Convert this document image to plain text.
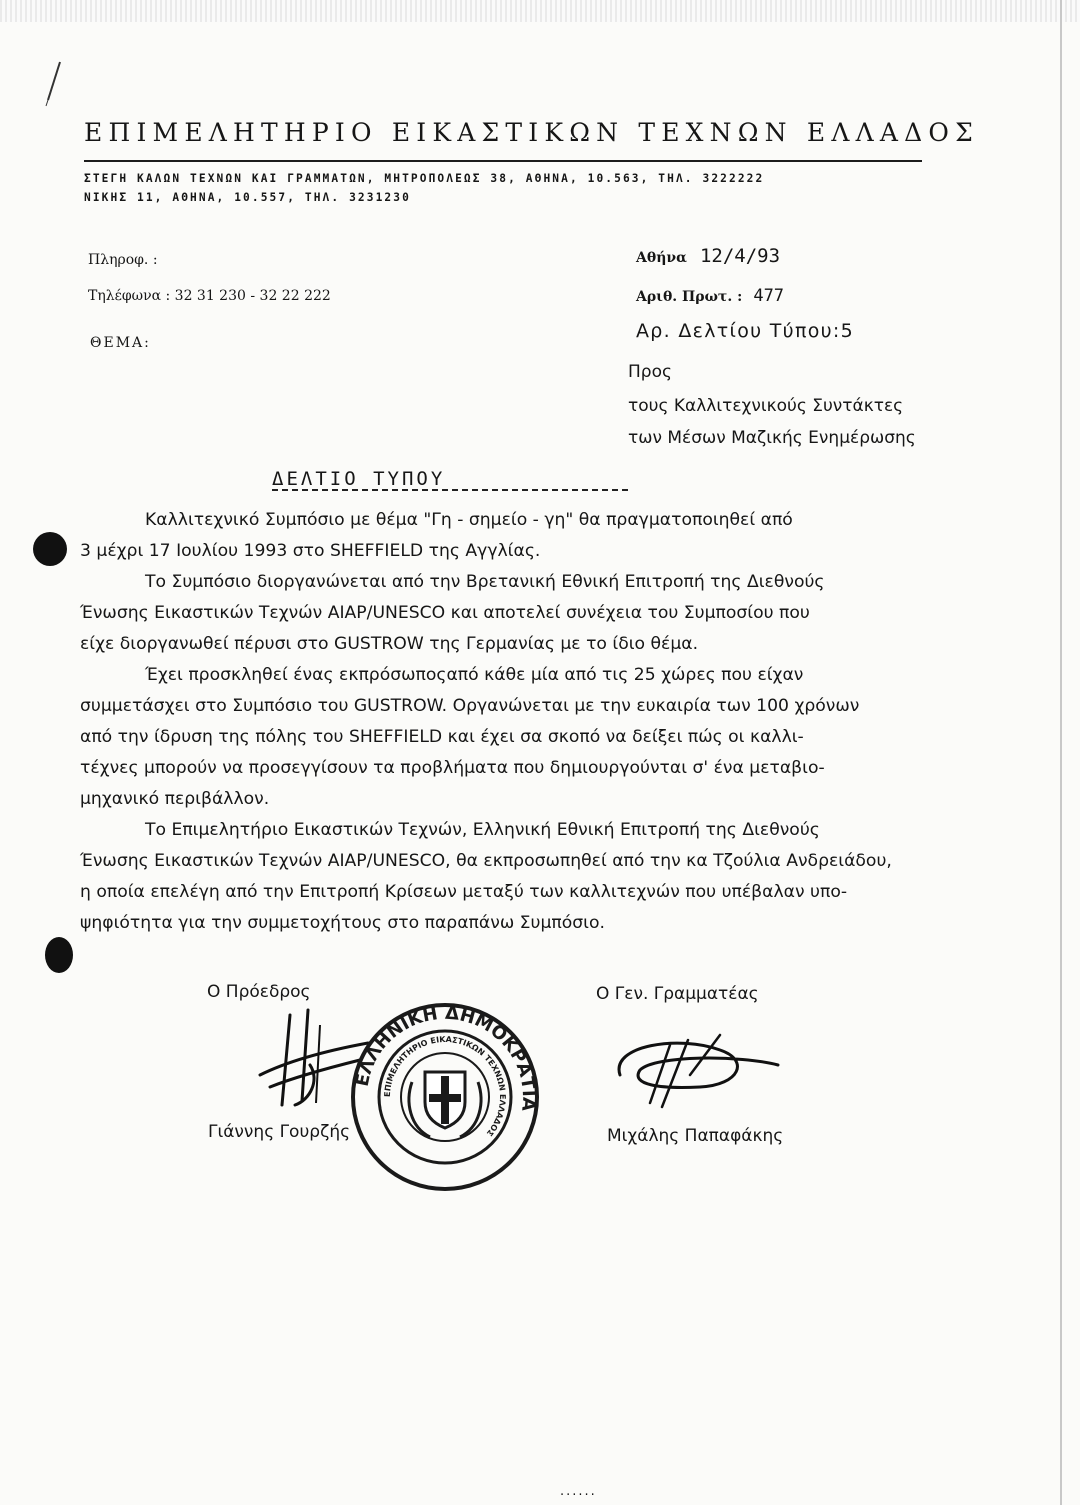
ΕΠΙΜΕΛΗΤΗΡΙΟ ΕΙΚΑΣΤΙΚΩΝ ΤΕΧΝΩΝ ΕΛΛΑΔΟΣ
ΣΤΕΓΗ ΚΑΛΩΝ ΤΕΧΝΩΝ ΚΑΙ ΓΡΑΜΜΑΤΩΝ, ΜΗΤΡΟΠΟΛΕΩΣ 38, ΑΘΗΝΑ, 10.563, ΤΗΛ. 3222222
ΝΙΚΗΣ 11, ΑΘΗΝΑ, 10.557, ΤΗΛ. 3231230
Πληροφ. :
Τηλέφωνα : 32 31 230 - 32 22 222
ΘΕΜΑ:
Αθήνα 12/4/93
Αριθ. Πρωτ. : 477
Αρ. Δελτίου Τύπου:5
Προς
τους Καλλιτεχνικούς Συντάκτες
των Μέσων Μαζικής Ενημέρωσης
ΔΕΛΤΙΟ ΤΥΠΟΥ

Καλλιτεχνικό Συμπόσιο με θέμα "Γη - σημείο - γη" θα πραγματοποιηθεί από

3 μέχρι 17 Ιουλίου 1993 στο SHEFFIELD της Αγγλίας.

Το Συμπόσιο διοργανώνεται από την Βρετανική Εθνική Επιτροπή της Διεθνούς

Ένωσης Εικαστικών Τεχνών AIAP/UNESCO και αποτελεί συνέχεια του Συμποσίου που

είχε διοργανωθεί πέρυσι στο GUSTROW της Γερμανίας με το ίδιο θέμα.

Έχει προσκληθεί ένας εκπρόσωποςαπό κάθε μία από τις 25 χώρες που είχαν

συμμετάσχει στο Συμπόσιο του GUSTROW. Οργανώνεται με την ευκαιρία των 100 χρόνων

από την ίδρυση της πόλης του SHEFFIELD και έχει σα σκοπό να δείξει πώς οι καλλι-

τέχνες μπορούν να προσεγγίσουν τα προβλήματα που δημιουργούνται σ' ένα μεταβιο-

μηχανικό περιβάλλον.

Το Επιμελητήριο Εικαστικών Τεχνών, Ελληνική Εθνική Επιτροπή της Διεθνούς

Ένωσης Εικαστικών Τεχνών AIAP/UNESCO, θα εκπροσωπηθεί από την κα Τζούλια Ανδρειάδου,

η οποία επελέγη από την Επιτροπή Κρίσεων μεταξύ των καλλιτεχνών που υπέβαλαν υπο-

ψηφιότητα για την συμμετοχήτους στο παραπάνω Συμπόσιο.

Ο Πρόεδρος
Γιάννης Γουρζής
Ο Γεν. Γραμματέας
Μιχάλης Παπαφάκης
ΕΛΛΗΝΙΚΗ ΔΗΜΟΚΡΑΤΙΑ
ΕΠΙΜΕΛΗΤΗΡΙΟ ΕΙΚΑΣΤΙΚΩΝ ΤΕΧΝΩΝ ΕΛΛΑΔΟΣ
......
